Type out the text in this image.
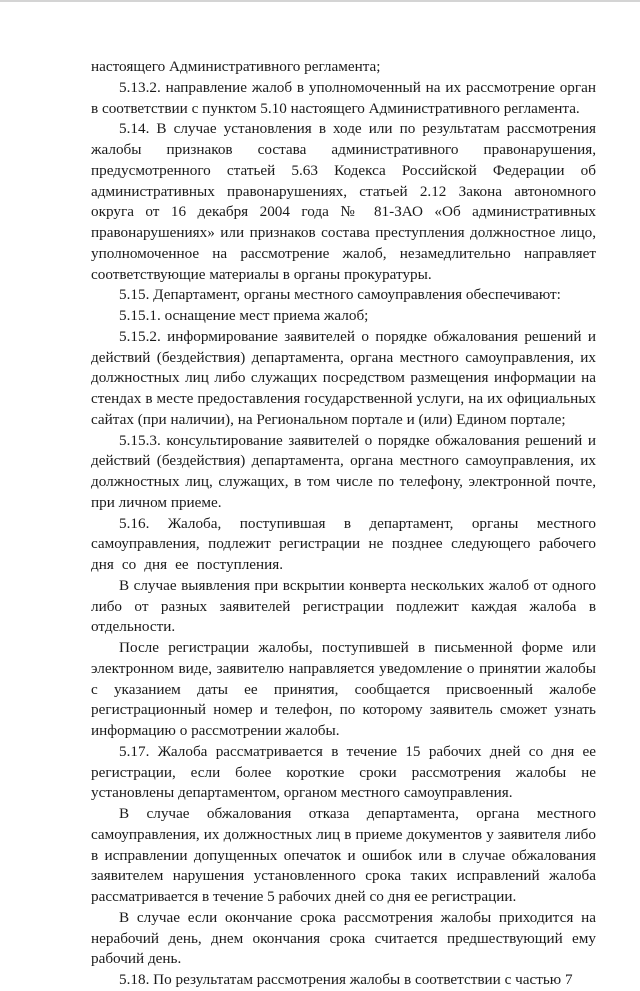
настоящего Административного регламента;

5.13.2. направление жалоб в уполномоченный на их рассмотрение орган в соответствии с пунктом 5.10 настоящего Административного регламента.

5.14. В случае установления в ходе или по результатам рассмотрения жалобы признаков состава административного правонарушения, предусмотренного статьей 5.63 Кодекса Российской Федерации об административных правонарушениях, статьей 2.12 Закона автономного округа от 16 декабря 2004 года № 81-ЗАО «Об административных правонарушениях» или признаков состава преступления должностное лицо, уполномоченное на рассмотрение жалоб, незамедлительно направляет соответствующие материалы в органы прокуратуры.

5.15. Департамент, органы местного самоуправления обеспечивают:

5.15.1. оснащение мест приема жалоб;

5.15.2. информирование заявителей о порядке обжалования решений и действий (бездействия) департамента, органа местного самоуправления, их должностных лиц либо служащих посредством размещения информации на стендах в месте предоставления государственной услуги, на их официальных сайтах (при наличии), на Региональном портале и (или) Едином портале;

5.15.3. консультирование заявителей о порядке обжалования решений и действий (бездействия) департамента, органа местного самоуправления, их должностных лиц, служащих, в том числе по телефону, электронной почте, при личном приеме.

5.16. Жалоба, поступившая в департамент, органы местного самоуправления, подлежит регистрации не позднее следующего рабочего дня со дня ее поступления.

В случае выявления при вскрытии конверта нескольких жалоб от одного либо от разных заявителей регистрации подлежит каждая жалоба в отдельности.

После регистрации жалобы, поступившей в письменной форме или электронном виде, заявителю направляется уведомление о принятии жалобы с указанием даты ее принятия, сообщается присвоенный жалобе регистрационный номер и телефон, по которому заявитель сможет узнать информацию о рассмотрении жалобы.

5.17. Жалоба рассматривается в течение 15 рабочих дней со дня ее регистрации, если более короткие сроки рассмотрения жалобы не установлены департаментом, органом местного самоуправления.

В случае обжалования отказа департамента, органа местного самоуправления, их должностных лиц в приеме документов у заявителя либо в исправлении допущенных опечаток и ошибок или в случае обжалования заявителем нарушения установленного срока таких исправлений жалоба рассматривается в течение 5 рабочих дней со дня ее регистрации.

В случае если окончание срока рассмотрения жалобы приходится на нерабочий день, днем окончания срока считается предшествующий ему рабочий день.

5.18. По результатам рассмотрения жалобы в соответствии с частью 7
